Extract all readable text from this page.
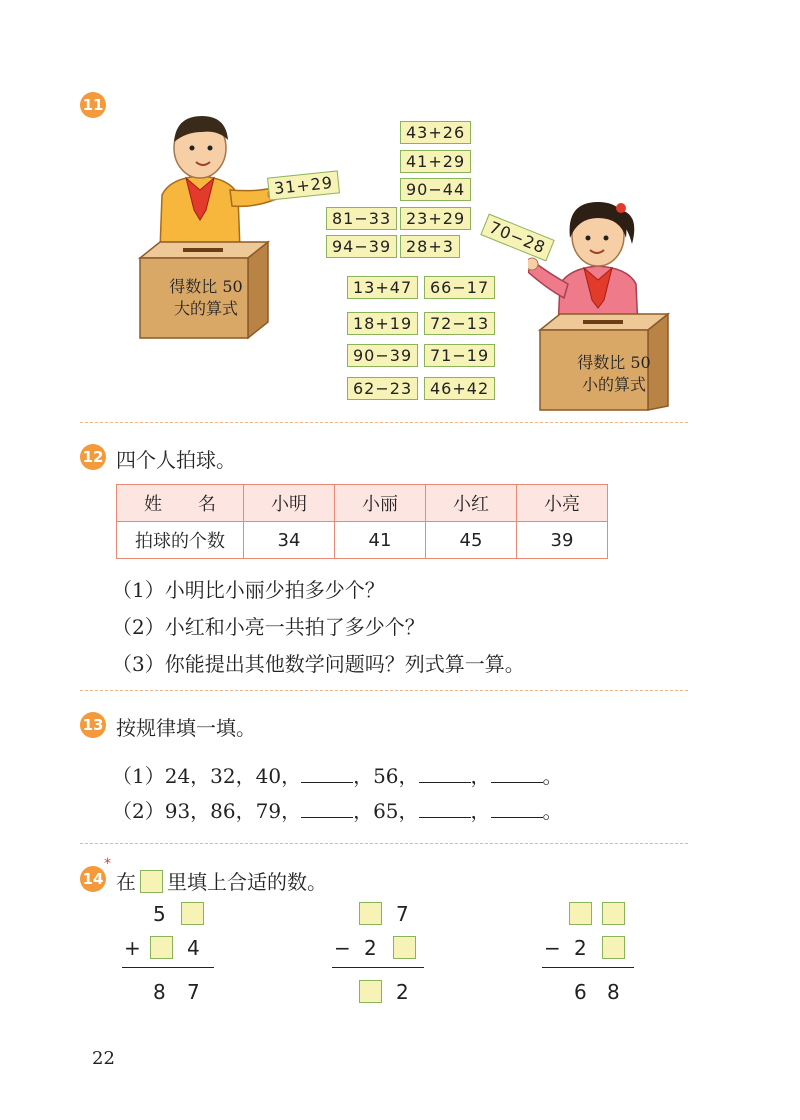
11
得数比 50
大的算式
31+29
43+26
41+29
90−44
81−33 23+29
94−39 28+3
13+47	66−17
18+19	72−13
90−39	71−19
62−23	46+42
70−28
得数比 50
小的算式
12 四个人拍球。
姓　　名	小明	小丽	小红	小亮
拍球的个数	34	41	45	39
（1）小明比小丽少拍多少个？
（2）小红和小亮一共拍了多少个？
（3）你能提出其他数学问题吗？列式算一算。
13 按规律填一填。
（1）24，32，40，	，56，	，	。
（2）93，86，79，	，65，	，	。
14
*
在 里填上合适的数。
5
+ 4
8 7
7
− 2
2
− 2
6 8
22
